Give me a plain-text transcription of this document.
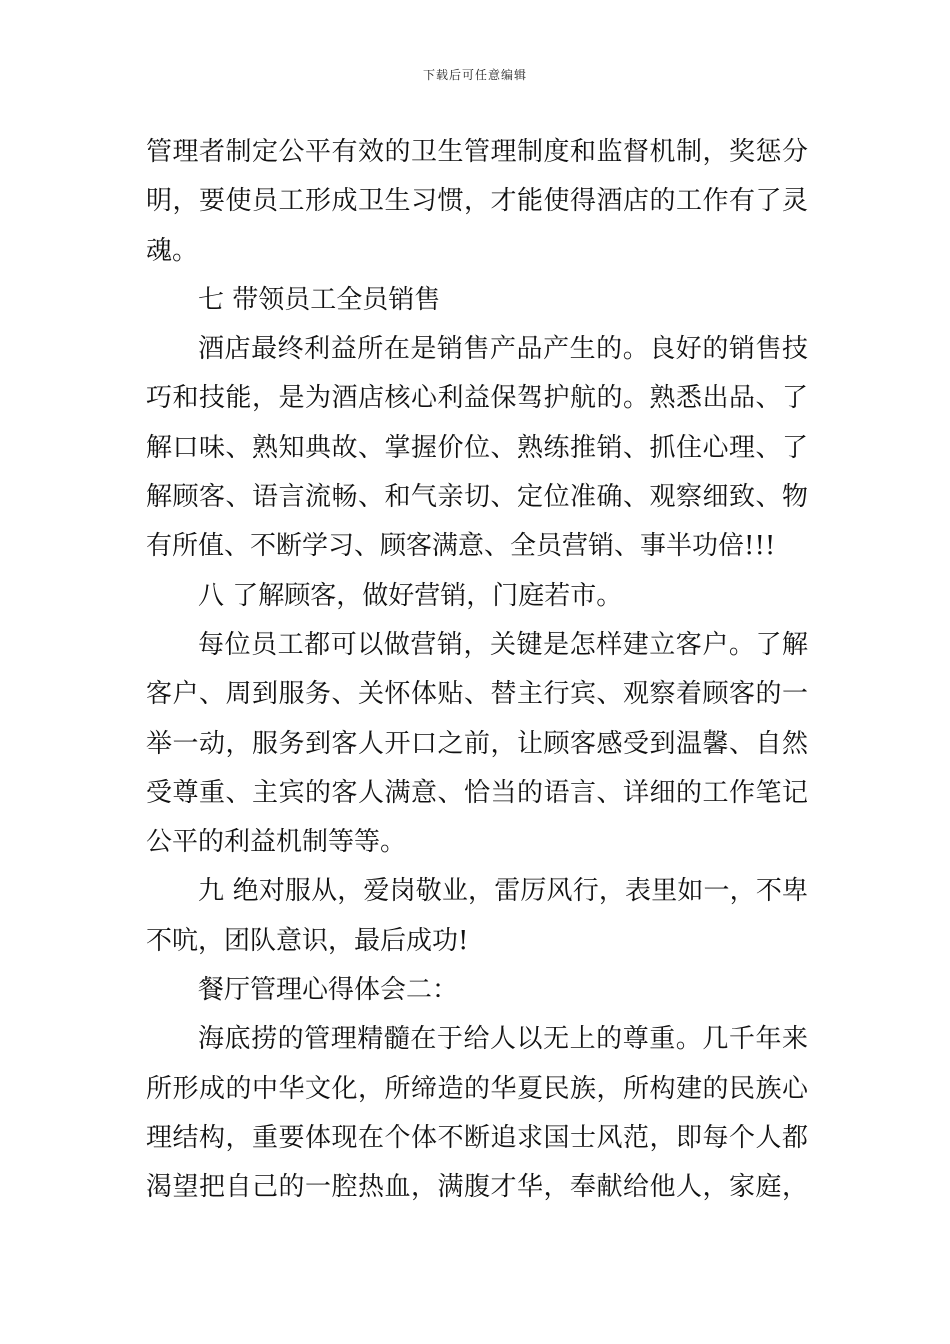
下载后可任意编辑
管理者制定公平有效的卫生管理制度和监督机制，奖惩分
明，要使员工形成卫生习惯，才能使得酒店的工作有了灵
魂。
七 带领员工全员销售
酒店最终利益所在是销售产品产生的。良好的销售技
巧和技能，是为酒店核心利益保驾护航的。熟悉出品、了
解口味、熟知典故、掌握价位、熟练推销、抓住心理、了
解顾客、语言流畅、和气亲切、定位准确、观察细致、物
有所值、不断学习、顾客满意、全员营销、事半功倍!!!
八 了解顾客，做好营销，门庭若市。
每位员工都可以做营销，关键是怎样建立客户。了解
客户、周到服务、关怀体贴、替主行宾、观察着顾客的一
举一动，服务到客人开口之前，让顾客感受到温馨、自然
受尊重、主宾的客人满意、恰当的语言、详细的工作笔记
公平的利益机制等等。
九 绝对服从，爱岗敬业，雷厉风行，表里如一，不卑
不吭，团队意识，最后成功!
餐厅管理心得体会二：
海底捞的管理精髓在于给人以无上的尊重。几千年来
所形成的中华文化，所缔造的华夏民族，所构建的民族心
理结构，重要体现在个体不断追求国士风范，即每个人都
渴望把自己的一腔热血，满腹才华，奉献给他人，家庭，
